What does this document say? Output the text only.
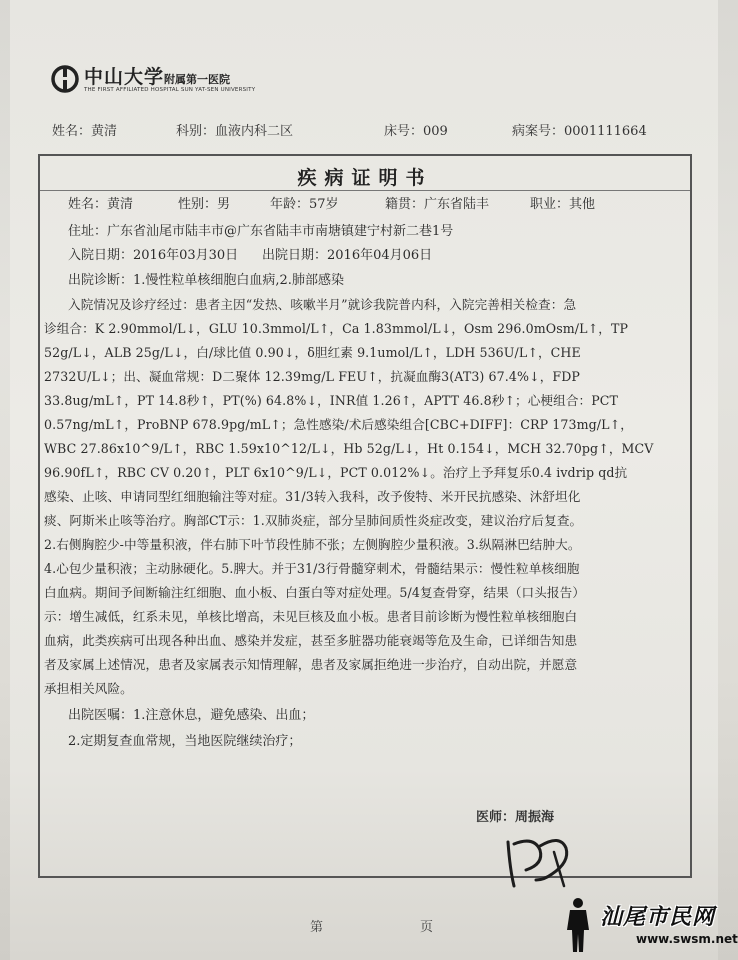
中山大学附属第一医院
THE FIRST AFFILIATED HOSPITAL SUN YAT-SEN UNIVERSITY
姓名：黄清	科别：血液内科二区	床号：009	病案号：0001111664
疾病证明书
姓名：黄清	性别：男	年龄：57岁	籍贯：广东省陆丰	职业：其他
住址：广东省汕尾市陆丰市@广东省陆丰市南塘镇建宁村新二巷1号
入院日期：2016年03月30日 出院日期：2016年04月06日
出院诊断：1.慢性粒单核细胞白血病,2.肺部感染
入院情况及诊疗经过：患者主因“发热、咳嗽半月”就诊我院普内科，入院完善相关检查：急
诊组合：K 2.90mmol/L↓，GLU 10.3mmol/L↑，Ca 1.83mmol/L↓，Osm 296.0mOsm/L↑，TP
52g/L↓，ALB 25g/L↓，白/球比值 0.90↓，δ胆红素 9.1umol/L↑，LDH 536U/L↑，CHE
2732U/L↓；出、凝血常规：D二聚体 12.39mg/L FEU↑，抗凝血酶3(AT3) 67.4%↓，FDP
33.8ug/mL↑，PT 14.8秒↑，PT(%) 64.8%↓，INR值 1.26↑，APTT 46.8秒↑；心梗组合：PCT
0.57ng/mL↑，ProBNP 678.9pg/mL↑；急性感染/术后感染组合[CBC+DIFF]：CRP 173mg/L↑，
WBC 27.86x10^9/L↑，RBC 1.59x10^12/L↓，Hb 52g/L↓，Ht 0.154↓，MCH 32.70pg↑，MCV
96.90fL↑，RBC CV 0.20↑，PLT 6x10^9/L↓，PCT 0.012%↓。治疗上予拜复乐0.4 ivdrip qd抗
感染、止咳、申请同型红细胞输注等对症。31/3转入我科，改予俊特、米开民抗感染、沐舒坦化
痰、阿斯米止咳等治疗。胸部CT示：1.双肺炎症，部分呈肺间质性炎症改变，建议治疗后复查。
2.右侧胸腔少-中等量积液，伴右肺下叶节段性肺不张；左侧胸腔少量积液。3.纵隔淋巴结肿大。
4.心包少量积液；主动脉硬化。5.脾大。并于31/3行骨髓穿刺术，骨髓结果示：慢性粒单核细胞
白血病。期间予间断输注红细胞、血小板、白蛋白等对症处理。5/4复查骨穿，结果（口头报告）
示：增生减低，红系未见，单核比增高，未见巨核及血小板。患者目前诊断为慢性粒单核细胞白
血病，此类疾病可出现各种出血、感染并发症，甚至多脏器功能衰竭等危及生命，已详细告知患
者及家属上述情况，患者及家属表示知情理解，患者及家属拒绝进一步治疗，自动出院，并愿意
承担相关风险。
出院医嘱：1.注意休息，避免感染、出血；
2.定期复查血常规，当地医院继续治疗；
医师：周振海
第	页	汕尾市民网
www.swsm.net
